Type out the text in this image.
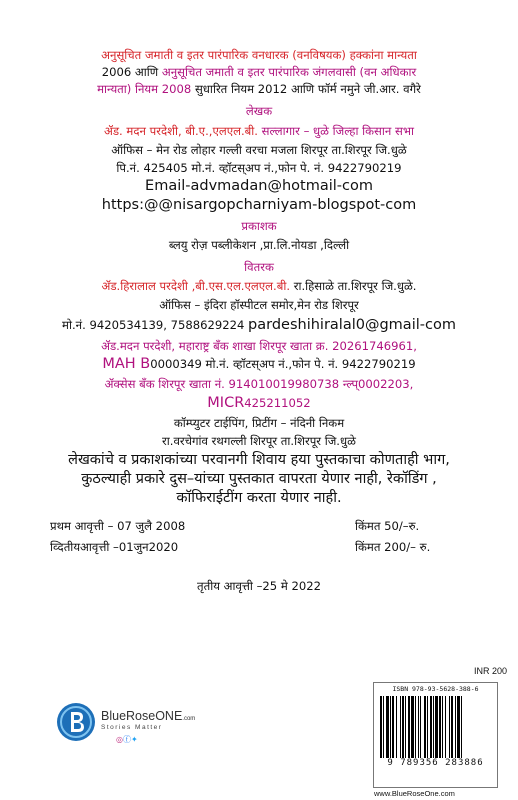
अनुसूचित जमाती व इतर पारंपारिक वनधारक (वनविषयक) हक्कांना मान्यता
2006 आणि अनुसूचित जमाती व इतर पारंपारिक जंगलवासी (वन अधिकार
मान्यता) नियम 2008 सुधारित नियम 2012 आणि फॉर्म नमुने जी.आर. वगैरे
लेखक
ॲड. मदन परदेशी, बी.ए.,एलएल.बी. सल्लागार – धुळे जिल्हा किसान सभा
ऑफिस – मेन रोड लोहार गल्ली वरचा मजला शिरपूर ता.शिरपूर जि.धुळे
पि.नं. 425405 मो.नं. व्हॉटस्अप नं.,फोन पे. नं. 9422790219
Email-advmadan@hotmail-com
https:@@nisargopcharniyam-blogspot-com
प्रकाशक
ब्लयु रोज़ पब्लीकेशन ,प्रा.लि.नोयडा ,दिल्ली
वितरक
ॲड.हिरालाल परदेशी ,बी.एस.एल.एलएल.बी. रा.हिसाळे ता.शिरपूर जि.धुळे.
ऑफिस – इंदिरा हॉस्पीटल समोर,मेन रोड शिरपूर
मो.नं. 9420534139, 7588629224 pardeshihiralal0@gmail-com
ॲड.मदन परदेशी, महाराष्ट्र बँक शाखा शिरपूर खाता क्र. 20261746961,
MAH B0000349 मो.नं. व्हॉटस्अप नं.,फोन पे. नं. 9422790219
ॲक्सेस बँक शिरपूर खाता नं. 914010019980738 न्ल्प्0002203,
MICR425211052
कॉम्प्युटर टाईपिंग, प्रिटींग – नंदिनी निकम
रा.वरचेगांव रथगल्ली शिरपूर ता.शिरपूर जि.धुळे
लेखकांचे व प्रकाशकांच्या परवानगी शिवाय हया पुस्तकाचा कोणताही भाग,
कुठल्याही प्रकारे दुस–यांच्या पुस्तकात वापरता येणार नाही, रेकॉडिंग ,
कॉफिराईटींग करता येणार नाही.
प्रथम आवृत्ती – 07 जुलै 2008	किंमत 50/–रु.
व्दितीयआवृत्ती –01जुन2020	किंमत 200/– रु.
तृतीय आवृत्ती –25 मे 2022
INR 200
BlueRoseONE.com
Stories Matter
◎ⓕ✦
ISBN 978-93-5628-388-6
9 789356 283886
www.BlueRoseOne.com
